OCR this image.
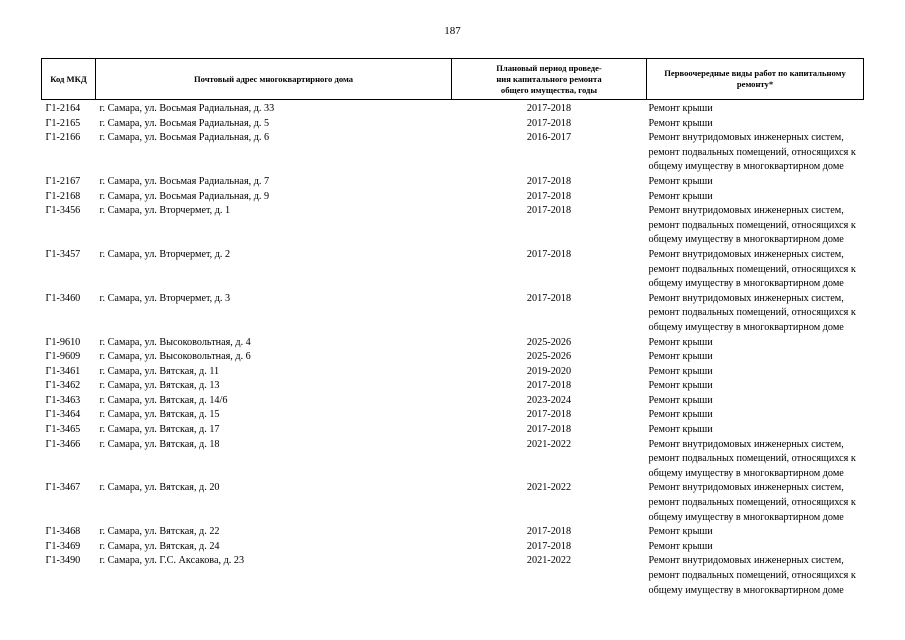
187
Код МКД	Почтовый адрес многоквартирного дома	Плановый период проведе-
ния капитального ремонта
общего имущества, годы	Первоочередные виды работ по капитальному
ремонту*
Г1-2164	г. Самара, ул. Восьмая Радиальная, д. 33	2017-2018	Ремонт крыши
Г1-2165	г. Самара, ул. Восьмая Радиальная, д. 5	2017-2018	Ремонт крыши
Г1-2166	г. Самара, ул. Восьмая Радиальная, д. 6	2016-2017	Ремонт внутридомовых инженерных систем,
ремонт подвальных помещений, относящихся к
общему имуществу в многоквартирном доме
Г1-2167	г. Самара, ул. Восьмая Радиальная, д. 7	2017-2018	Ремонт крыши
Г1-2168	г. Самара, ул. Восьмая Радиальная, д. 9	2017-2018	Ремонт крыши
Г1-3456	г. Самара, ул. Вторчермет, д. 1	2017-2018	Ремонт внутридомовых инженерных систем,
ремонт подвальных помещений, относящихся к
общему имуществу в многоквартирном доме
Г1-3457	г. Самара, ул. Вторчермет, д. 2	2017-2018	Ремонт внутридомовых инженерных систем,
ремонт подвальных помещений, относящихся к
общему имуществу в многоквартирном доме
Г1-3460	г. Самара, ул. Вторчермет, д. 3	2017-2018	Ремонт внутридомовых инженерных систем,
ремонт подвальных помещений, относящихся к
общему имуществу в многоквартирном доме
Г1-9610	г. Самара, ул. Высоковольтная, д. 4	2025-2026	Ремонт крыши
Г1-9609	г. Самара, ул. Высоковольтная, д. 6	2025-2026	Ремонт крыши
Г1-3461	г. Самара, ул. Вятская, д. 11	2019-2020	Ремонт крыши
Г1-3462	г. Самара, ул. Вятская, д. 13	2017-2018	Ремонт крыши
Г1-3463	г. Самара, ул. Вятская, д. 14/6	2023-2024	Ремонт крыши
Г1-3464	г. Самара, ул. Вятская, д. 15	2017-2018	Ремонт крыши
Г1-3465	г. Самара, ул. Вятская, д. 17	2017-2018	Ремонт крыши
Г1-3466	г. Самара, ул. Вятская, д. 18	2021-2022	Ремонт внутридомовых инженерных систем,
ремонт подвальных помещений, относящихся к
общему имуществу в многоквартирном доме
Г1-3467	г. Самара, ул. Вятская, д. 20	2021-2022	Ремонт внутридомовых инженерных систем,
ремонт подвальных помещений, относящихся к
общему имуществу в многоквартирном доме
Г1-3468	г. Самара, ул. Вятская, д. 22	2017-2018	Ремонт крыши
Г1-3469	г. Самара, ул. Вятская, д. 24	2017-2018	Ремонт крыши
Г1-3490	г. Самара, ул. Г.С. Аксакова, д. 23	2021-2022	Ремонт внутридомовых инженерных систем,
ремонт подвальных помещений, относящихся к
общему имуществу в многоквартирном доме
